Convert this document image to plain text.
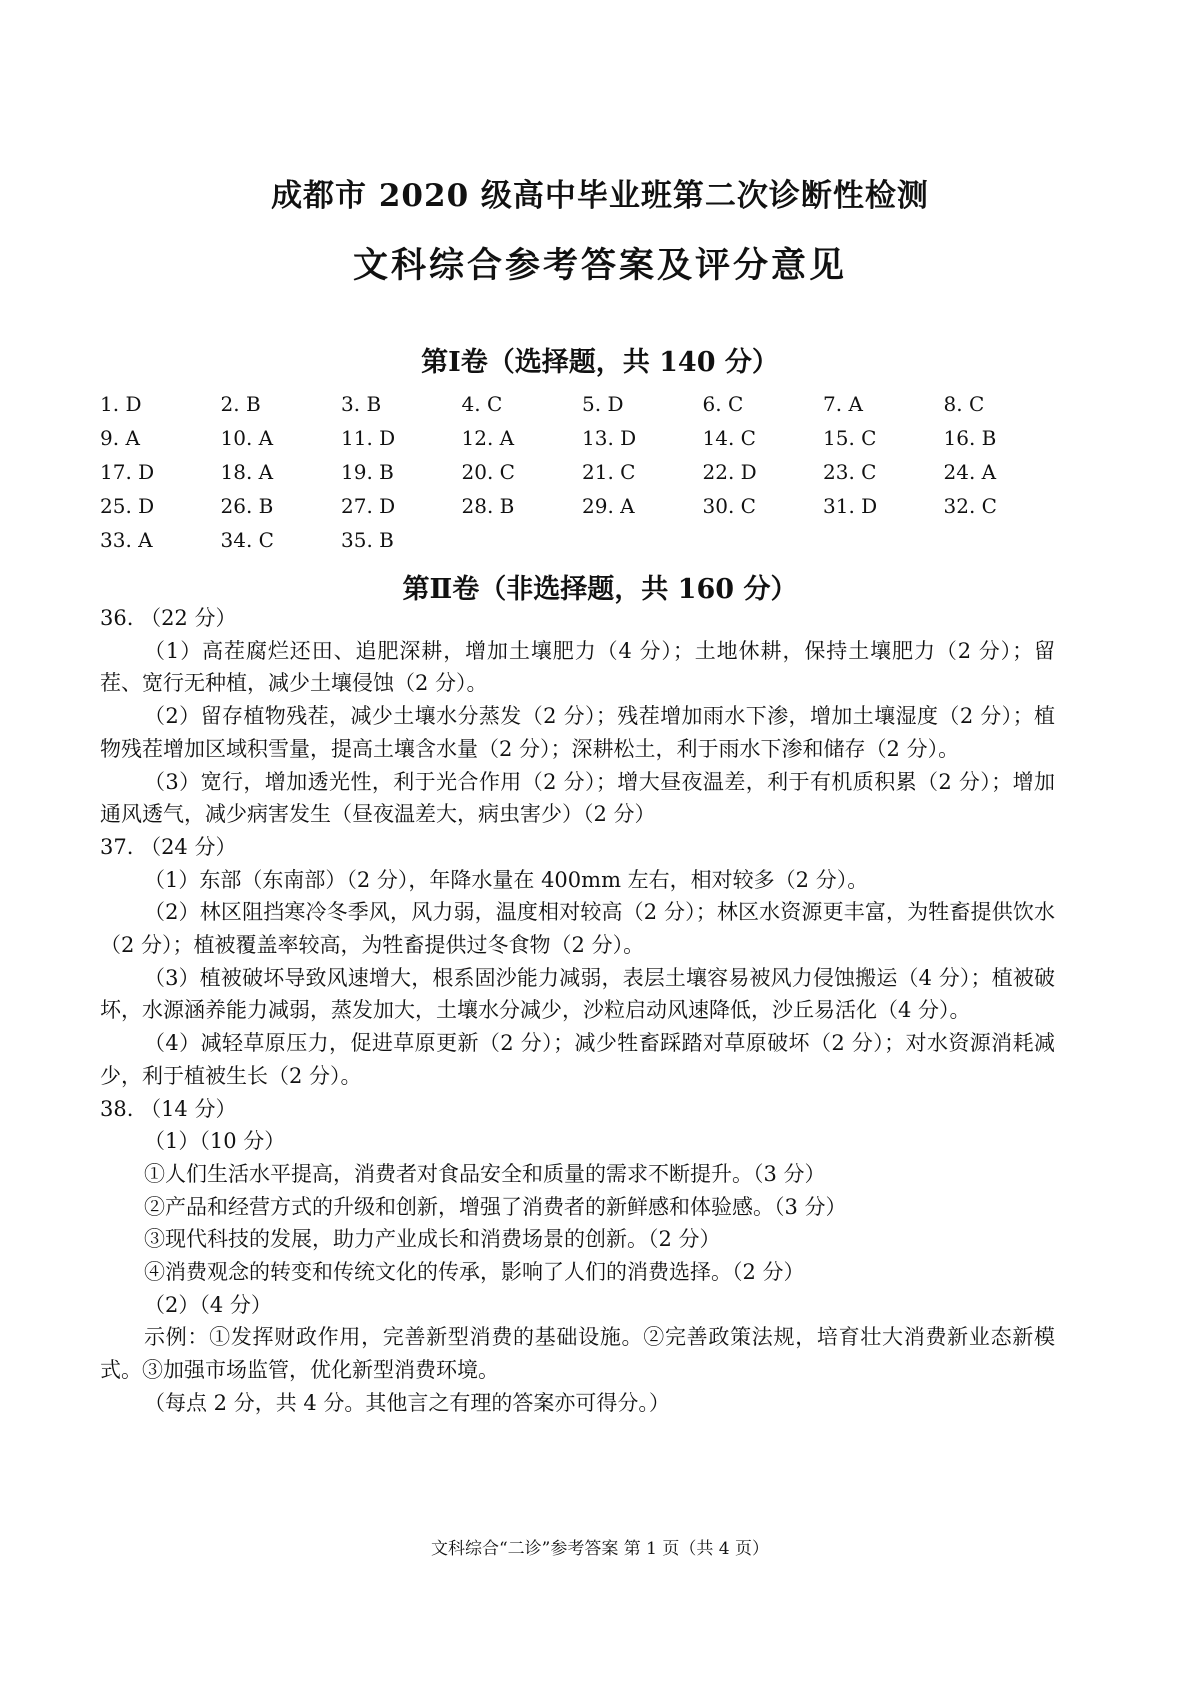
成都市 2020 级高中毕业班第二次诊断性检测
文科综合参考答案及评分意见
第Ⅰ卷（选择题，共 140 分）
1. D	2. B	3. B	4. C	5. D	6. C	7. A	8. C
9. A	10. A	11. D	12. A	13. D	14. C	15. C	16. B
17. D	18. A	19. B	20. C	21. C	22. D	23. C	24. A
25. D	26. B	27. D	28. B	29. A	30. C	31. D	32. C
33. A	34. C	35. B
第Ⅱ卷（非选择题，共 160 分）

36. （22 分）

（1）高茬腐烂还田、追肥深耕，增加土壤肥力（4 分）；土地休耕，保持土壤肥力（2 分）；留茬、宽行无种植，减少土壤侵蚀（2 分）。

（2）留存植物残茬，减少土壤水分蒸发（2 分）；残茬增加雨水下渗，增加土壤湿度（2 分）；植物残茬增加区域积雪量，提高土壤含水量（2 分）；深耕松土，利于雨水下渗和储存（2 分）。

（3）宽行，增加透光性，利于光合作用（2 分）；增大昼夜温差，利于有机质积累（2 分）；增加通风透气，减少病害发生（昼夜温差大，病虫害少）（2 分）

37. （24 分）

（1）东部（东南部）（2 分），年降水量在 400mm 左右，相对较多（2 分）。

（2）林区阻挡寒冷冬季风，风力弱，温度相对较高（2 分）；林区水资源更丰富，为牲畜提供饮水（2 分）；植被覆盖率较高，为牲畜提供过冬食物（2 分）。

（3）植被破坏导致风速增大，根系固沙能力减弱，表层土壤容易被风力侵蚀搬运（4 分）；植被破坏，水源涵养能力减弱，蒸发加大，土壤水分减少，沙粒启动风速降低，沙丘易活化（4 分）。

（4）减轻草原压力，促进草原更新（2 分）；减少牲畜踩踏对草原破坏（2 分）；对水资源消耗减少，利于植被生长（2 分）。

38. （14 分）

（1）（10 分）

①人们生活水平提高，消费者对食品安全和质量的需求不断提升。（3 分）

②产品和经营方式的升级和创新，增强了消费者的新鲜感和体验感。（3 分）

③现代科技的发展，助力产业成长和消费场景的创新。（2 分）

④消费观念的转变和传统文化的传承，影响了人们的消费选择。（2 分）

（2）（4 分）

示例：①发挥财政作用，完善新型消费的基础设施。②完善政策法规，培育壮大消费新业态新模式。③加强市场监管，优化新型消费环境。

（每点 2 分，共 4 分。其他言之有理的答案亦可得分。）

文科综合“二诊”参考答案 第 1 页（共 4 页）
